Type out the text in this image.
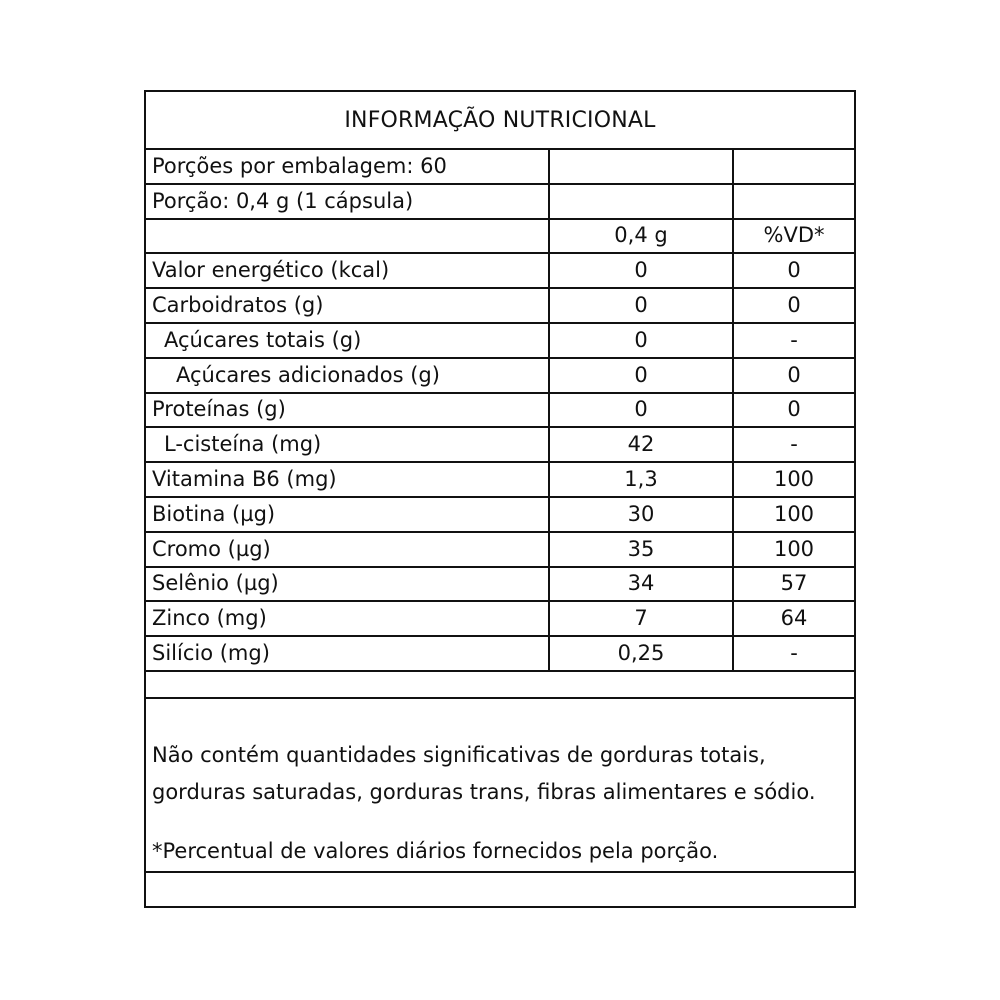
INFORMAÇÃO NUTRICIONAL
Porções por embalagem: 60		
Porção: 0,4 g (1 cápsula)		
	0,4 g	%VD*
Valor energético (kcal)	0	0
Carboidratos (g)	0	0
Açúcares totais (g)	0	-
Açúcares adicionados (g)	0	0
Proteínas (g)	0	0
L-cisteína (mg)	42	-
Vitamina B6 (mg)	1,3	100
Biotina (µg)	30	100
Cromo (µg)	35	100
Selênio (µg)	34	57
Zinco (mg)	7	64
Silício (mg)	0,25	-

Não contém quantidades significativas de gorduras totais, gorduras saturadas, gorduras trans, fibras alimentares e sódio.

*Percentual de valores diários fornecidos pela porção.
